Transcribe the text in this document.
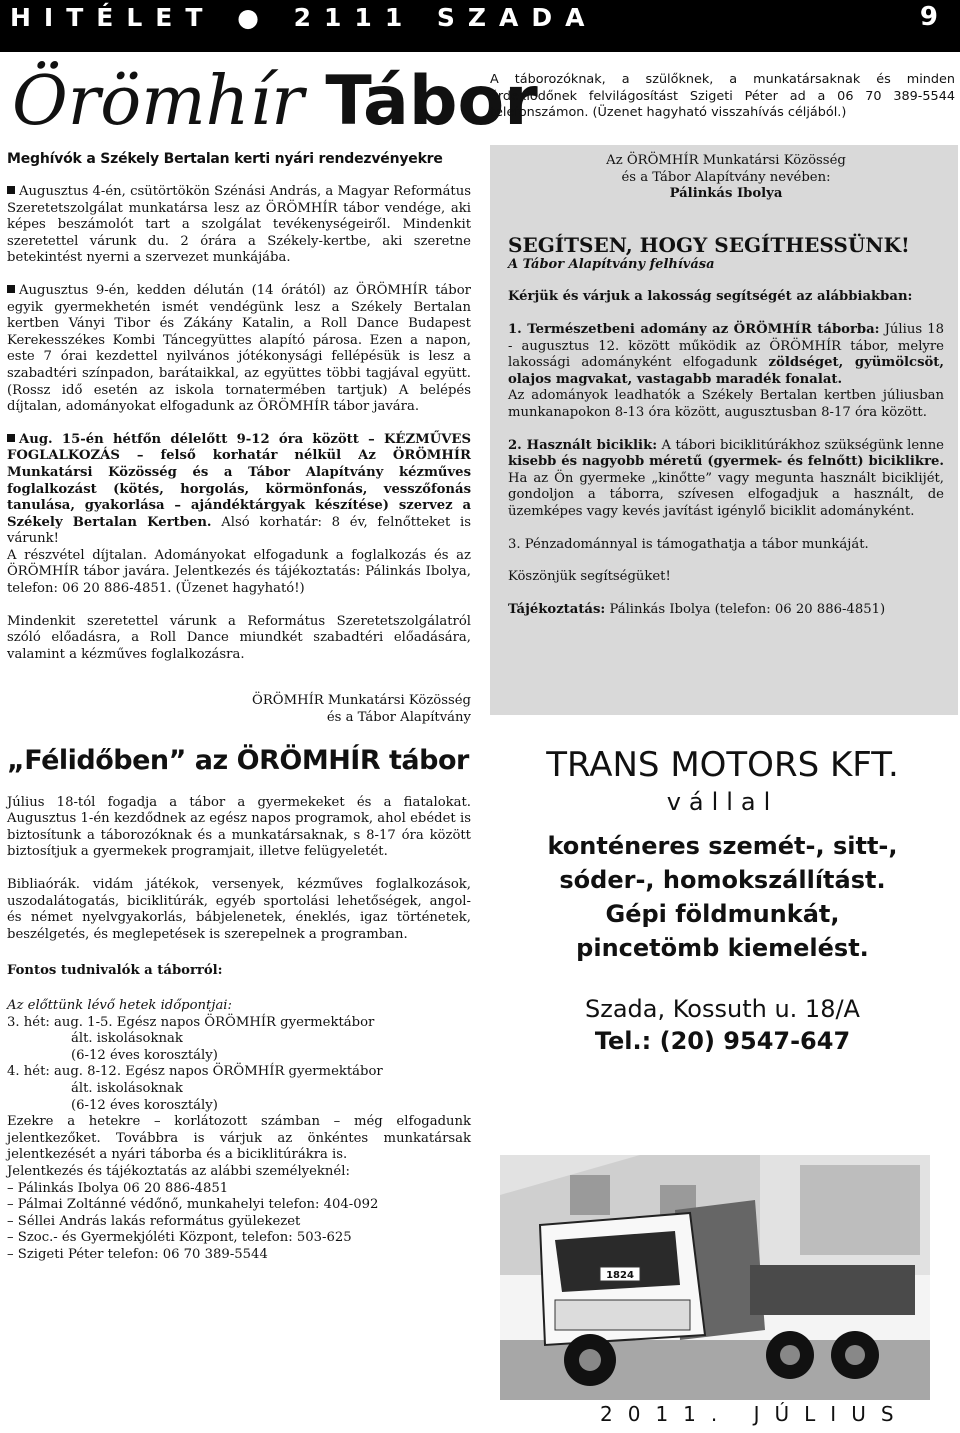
HITÉLET ● 2111 SZADA	9
Örömhír Tábor
Meghívók a Székely Bertalan kerti nyári rendezvényekre

Augusztus 4-én, csütörtökön Szénási András, a Magyar Református Szeretetszolgálat munkatársa lesz az ÖRÖMHÍR tábor vendége, aki képes beszámolót tart a szolgálat tevékenységeiről. Mindenkit szeretettel várunk du. 2 órára a Székely-kertbe, aki szeretne betekintést nyerni a szervezet munkájába.

Augusztus 9-én, kedden délután (14 órától) az ÖRÖMHÍR tábor egyik gyermekhetén ismét vendégünk lesz a Székely Bertalan kertben Ványi Tibor és Zákány Katalin, a Roll Dance Budapest Kerekesszékes Kombi Táncegyüttes alapító párosa. Ezen a napon, este 7 órai kezdettel nyilvános jótékonysági fellépésük is lesz a szabadtéri színpadon, barátaikkal, az együttes többi tagjával együtt. (Rossz idő esetén az iskola tornatermében tartjuk) A belépés díjtalan, adományokat elfogadunk az ÖRÖMHÍR tábor javára.

Aug. 15-én hétfőn délelőtt 9-12 óra között – KÉZMŰVES FOGLALKOZÁS – felső korhatár nélkül Az ÖRÖMHÍR Munkatársi Közösség és a Tábor Alapítvány kézműves foglalkozást (kötés, horgolás, körmönfonás, vesszőfonás tanulása, gyakorlása – ajándéktárgyak készítése) szervez a Székely Bertalan Kertben. Alsó korhatár: 8 év, felnőtteket is várunk!

A részvétel díjtalan. Adományokat elfogadunk a foglalkozás és az ÖRÖMHÍR tábor javára. Jelentkezés és tájékoztatás: Pálinkás Ibolya, telefon: 06 20 886-4851. (Üzenet hagyható!)

Mindenkit szeretettel várunk a Református Szeretetszolgálatról szóló előadásra, a Roll Dance miundkét szabadtéri előadására, valamint a kézműves foglalkozásra.

ÖRÖMHÍR Munkatársi Közösség
és a Tábor Alapítvány
„Félidőben” az ÖRÖMHÍR tábor

Július 18-tól fogadja a tábor a gyermekeket és a fiatalokat. Augusztus 1-én kezdődnek az egész napos programok, ahol ebédet is biztosítunk a táborozóknak és a munkatársaknak, s 8-17 óra között biztosítjuk a gyermekek programjait, illetve felügyeletét.

Bibliaórák. vidám játékok, versenyek, kézműves foglalkozások, uszodalátogatás, biciklitúrák, egyéb sportolási lehetőségek, angol- és német nyelvgyakorlás, bábjelenetek, éneklés, igaz történetek, beszélgetés, és meglepetések is szerepelnek a programban.

Fontos tudnivalók a táborról:
Az előttünk lévő hetek időpontjai:
3. hét: aug. 1-5. Egész napos ÖRÖMHÍR gyermektábor
ált. iskolásoknak
(6-12 éves korosztály)
4. hét: aug. 8-12. Egész napos ÖRÖMHÍR gyermektábor
ált. iskolásoknak
(6-12 éves korosztály)

Ezekre a hetekre – korlátozott számban – még elfogadunk jelentkezőket. Továbbra is várjuk az önkéntes munkatársak jelentkezését a nyári táborba és a biciklitúrákra is.

Jelentkezés és tájékoztatás az alábbi személyeknél:
– Pálinkás Ibolya 06 20 886-4851
– Pálmai Zoltánné védőnő, munkahelyi telefon: 404-092
– Séllei András lakás református gyülekezet
– Szoc.- és Gyermekjóléti Központ, telefon: 503-625
– Szigeti Péter telefon: 06 70 389-5544

A táborozóknak, a szülőknek, a munkatársaknak és minden érdeklődőnek felvilágosítást Szigeti Péter ad a 06 70 389-5544 telefonszámon. (Üzenet hagyható visszahívás céljából.)

Az ÖRÖMHÍR Munkatársi Közösség
és a Tábor Alapítvány nevében:
Pálinkás Ibolya
SEGÍTSEN, HOGY SEGÍTHESSÜNK!
A Tábor Alapítvány felhívása

Kérjük és várjuk a lakosság segítségét az alábbiakban:

1. Természetbeni adomány az ÖRÖMHÍR táborba: Július 18 - augusztus 12. között működik az ÖRÖMHÍR tábor, melyre lakossági adományként elfogadunk zöldséget, gyümölcsöt, olajos magvakat, vastagabb maradék fonalat.

Az adományok leadhatók a Székely Bertalan kertben júliusban munkanapokon 8-13 óra között, augusztusban 8-17 óra között.

2. Használt biciklik: A tábori biciklitúrákhoz szükségünk lenne kisebb és nagyobb méretű (gyermek- és felnőtt) biciklikre. Ha az Ön gyermeke „kinőtte” vagy megunta használt biciklijét, gondoljon a táborra, szívesen elfogadjuk a használt, de üzemképes vagy kevés javítást igénylő biciklit adományként.

3. Pénzadománnyal is támogathatja a tábor munkáját.

Köszönjük segítségüket!

Tájékoztatás: Pálinkás Ibolya (telefon: 06 20 886-4851)

TRANS MOTORS KFT.
vállal
konténeres szemét-, sitt-,
sóder-, homokszállítást.
Gépi földmunkát,
pincetömb kiemelést.
Szada, Kossuth u. 18/A
Tel.: (20) 9547-647
1824
2011. JÚLIUS
